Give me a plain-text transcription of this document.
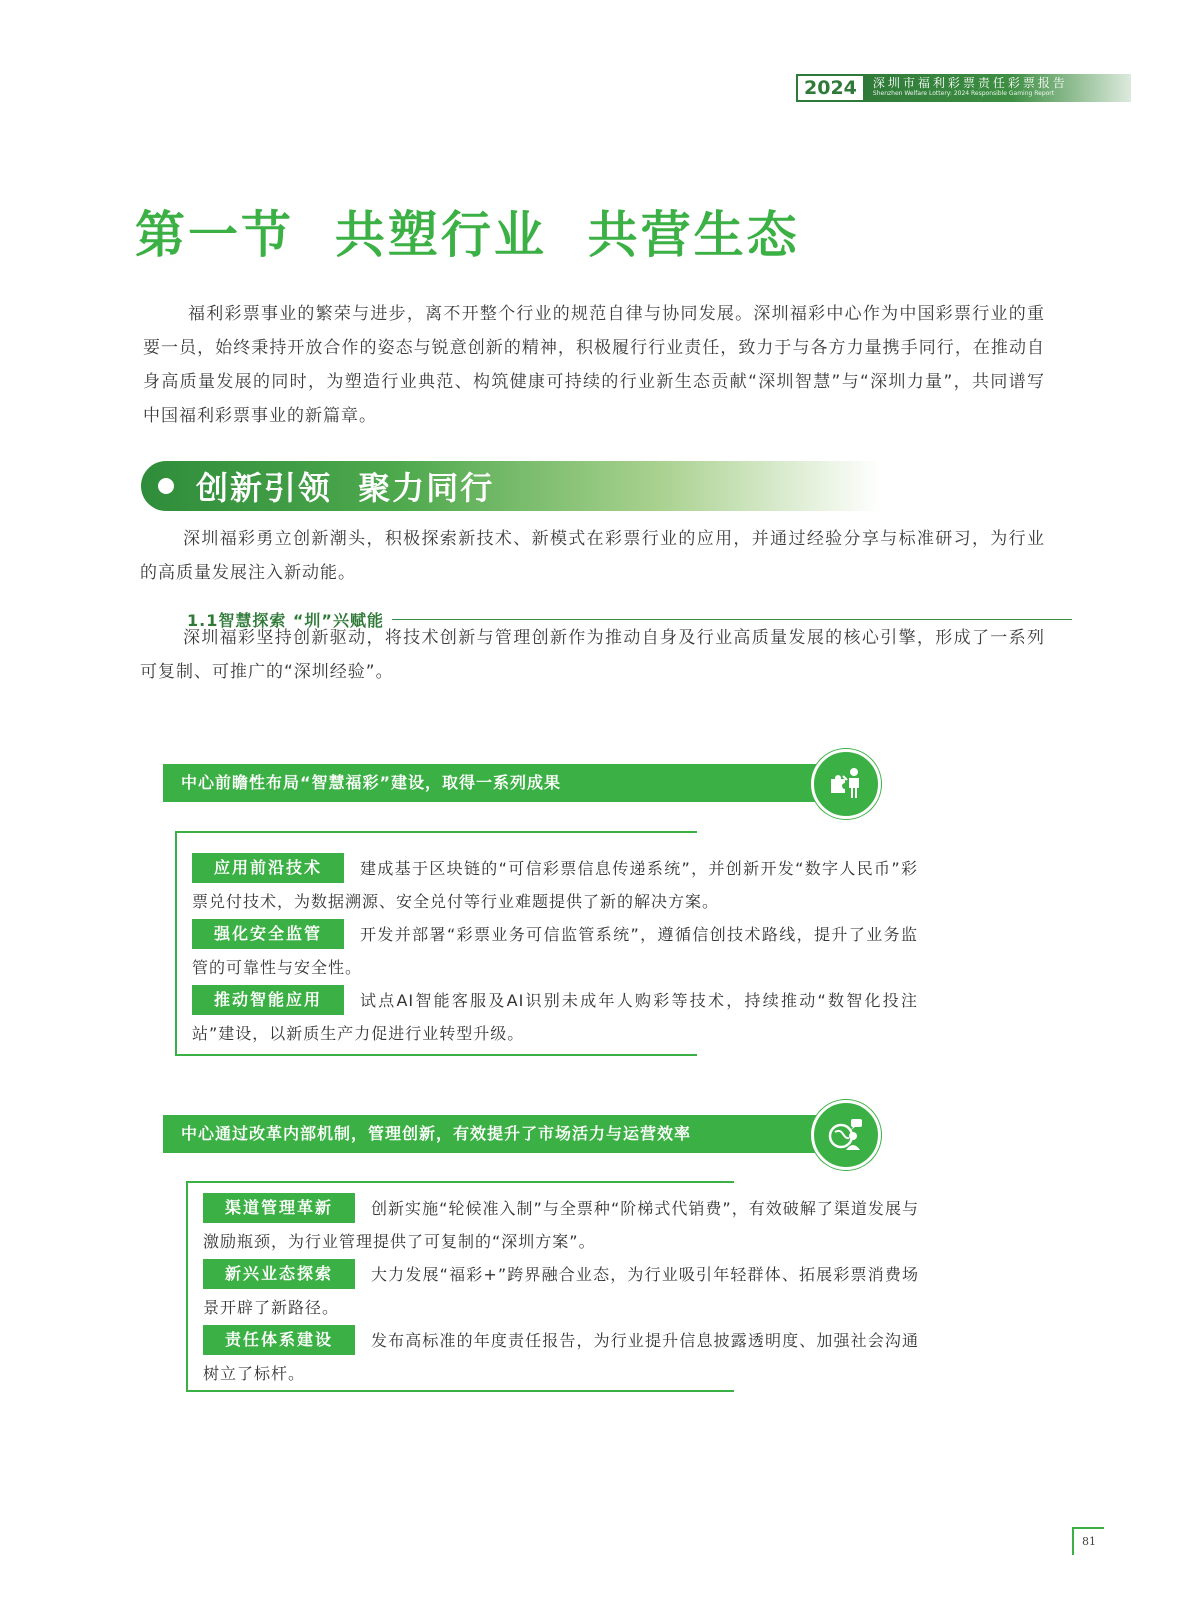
2024	深圳市福利彩票责任彩票报告
Shenzhen Welfare Lottery: 2024 Responsible Gaming Report
第一节  共塑行业  共营生态

福利彩票事业的繁荣与进步，离不开整个行业的规范自律与协同发展。深圳福彩中心作为中国彩票行业的重要一员，始终秉持开放合作的姿态与锐意创新的精神，积极履行行业责任，致力于与各方力量携手同行，在推动自身高质量发展的同时，为塑造行业典范、构筑健康可持续的行业新生态贡献“深圳智慧”与“深圳力量”，共同谱写中国福利彩票事业的新篇章。

创新引领  聚力同行

深圳福彩勇立创新潮头，积极探索新技术、新模式在彩票行业的应用，并通过经验分享与标准研习，为行业的高质量发展注入新动能。

1.1智慧探索 “圳”兴赋能

深圳福彩坚持创新驱动，将技术创新与管理创新作为推动自身及行业高质量发展的核心引擎，形成了一系列可复制、可推广的“深圳经验”。

中心前瞻性布局“智慧福彩”建设，取得一系列成果
应用前沿技术	建成基于区块链的“可信彩票信息传递系统”，并创新开发“数字人民币”彩票兑付技术，为数据溯源、安全兑付等行业难题提供了新的解决方案。

强化安全监管	开发并部署“彩票业务可信监管系统”，遵循信创技术路线，提升了业务监管的可靠性与安全性。

推动智能应用	试点AI智能客服及AI识别未成年人购彩等技术，持续推动“数智化投注站”建设，以新质生产力促进行业转型升级。

中心通过改革内部机制，管理创新，有效提升了市场活力与运营效率
渠道管理革新	创新实施“轮候准入制”与全票种“阶梯式代销费”，有效破解了渠道发展与激励瓶颈，为行业管理提供了可复制的“深圳方案”。

新兴业态探索	大力发展“福彩+”跨界融合业态，为行业吸引年轻群体、拓展彩票消费场景开辟了新路径。

责任体系建设	发布高标准的年度责任报告，为行业提升信息披露透明度、加强社会沟通树立了标杆。

81
